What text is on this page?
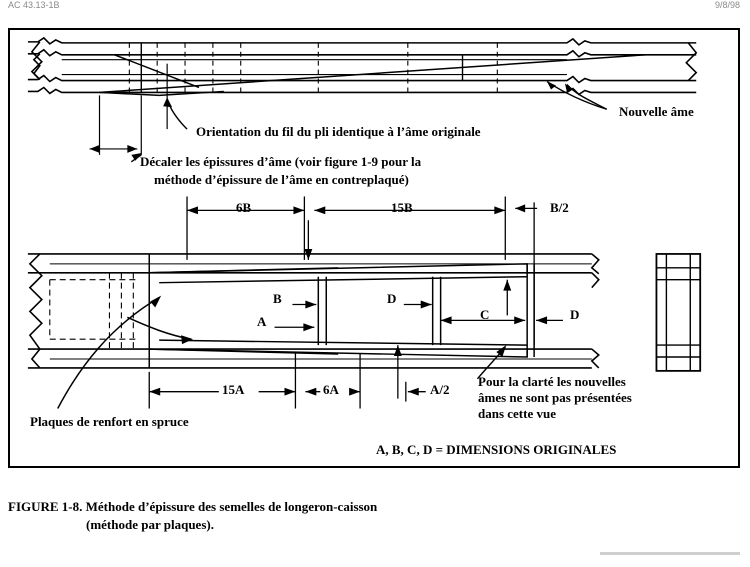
AC 43.13-1B	9/8/98
Nouvelle âme
Orientation du fil du pli identique à l’âme originale
Décaler les épissures d’âme (voir figure 1-9 pour la
méthode d’épissure de l’âme en contreplaqué)
6B	15B	B/2
B	D
A	C	D
15A	6A	A/2
Pour la clarté les nouvelles
âmes ne sont pas présentées
dans cette vue
Plaques de renfort en spruce
A, B, C, D = DIMENSIONS ORIGINALES
FIGURE 1-8. Méthode d’épissure des semelles de longeron-caisson
(méthode par plaques).
